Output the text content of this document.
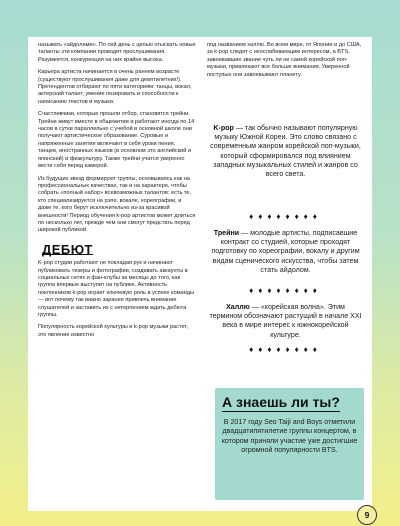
называть «айдолами». По сей день с целью отыскать новые таланты эти компании проводят прослушивания. Разумеется, конкуренция на них крайне высока.

Карьера артиста начинается в очень раннем возрасте (существуют прослушивания даже для девятилетних!). Претендентов отбирают по пяти категориям: танцы, вокал, актерский талант, умение позировать и способности к написанию текстов и музыки.

Счастливчики, которые прошли отбор, становятся трейни. Трейни живут вместе в общежитии и работают иногда по 14 часов в сутки параллельно с учебой в основной школе они получают артистическое образование. Суровые и напряженные занятия включают в себя уроки пения, танцев, иностранных языков (в основном это английский и японский) и физкультуру. Также трейни учатся уверенно вести себя перед камерой.

Из будущих звезд формируют группы, основываясь как на профессиональных качествах, так и на характере, чтобы собрать «полный набор» всевозможных талантов: есть те, кто специализируется на рэпе, вокале, хореографии, и даже те, кого берут исключительно из-за красивой внешности! Период обучения k-pop артистов может длиться по несколько лет, прежде чем они смогут предстать перед широкой публикой.

ДЕБЮТ

K-pop студии работают не покладая рук и начинают публиковать тизеры и фотографии, создавать аккаунты в социальных сетях и фан-клубы за месяцы до того, как группа впервые выступит на публике. Активность поклонников k-pop играет ключевую роль в успехе команды — вот почему так важно заранее привлечь внимание слушателей и заставить их с нетерпением ждать дебюта группы.

Популярность корейской культуры и k-pop музыки растет, это явление известно

под названием халлю. Во всем мире, от Японии и до США, за k-pop следят с неослабевающим интересом, а BTS, завоевавшие звание чуть ли нe самой корейской поп-музыки, привлекают все больше внимания. Уверенной поступью они завоевывают планету.

K-pop — так обычно называют популярную музыку Южной Кореи. Это слово связано с современным жанром корейской поп-музыки, который сформировался под влиянием западных музыкальных стилей и жанров со всего света.
♦♦♦♦♦♦♦♦
Трейни — молодые артисты, подписавшие контракт со студией, которые проходят подготовку по хореографии, вокалу и другим видам сценического искусства, чтобы затем стать айдолом.
♦♦♦♦♦♦♦♦
Халлю — «корейская волна». Этим термином обозначают растущий в начале XXI века в мире интерес к южнокорейской культуре.
♦♦♦♦♦♦♦♦
А знаешь ли ты?
В 2017 году Seo Taiji and Boys отметили двадцатипятилетие группы концертом, в котором приняли участие уже достигшие огромной популярности BTS.
9
